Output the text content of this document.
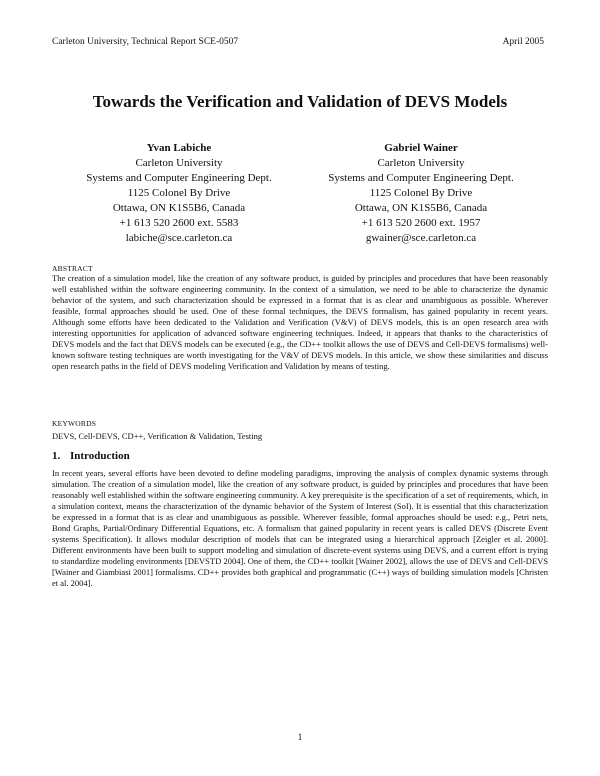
Carleton University, Technical Report SCE-0507	April 2005
Towards the Verification and Validation of DEVS Models
Yvan Labiche
Carleton University
Systems and Computer Engineering Dept.
1125 Colonel By Drive
Ottawa, ON K1S5B6, Canada
+1 613 520 2600 ext. 5583
labiche@sce.carleton.ca
Gabriel Wainer
Carleton University
Systems and Computer Engineering Dept.
1125 Colonel By Drive
Ottawa, ON K1S5B6, Canada
+1 613 520 2600 ext. 1957
gwainer@sce.carleton.ca
ABSTRACT

The creation of a simulation model, like the creation of any software product, is guided by principles and procedures that have been reasonably well established within the software engineering community. In the context of a simulation, we need to be able to characterize the dynamic behavior of the system, and such characterization should be expressed in a format that is as clear and unambiguous as possible. Wherever feasible, formal approaches should be used. One of these formal techniques, the DEVS formalism, has gained popularity in recent years. Although some efforts have been dedicated to the Validation and Verification (V&V) of DEVS models, this is an open research area with interesting opportunities for application of advanced software engineering techniques. Indeed, it appears that thanks to the characteristics of DEVS models and the fact that DEVS models can be executed (e.g., the CD++ toolkit allows the use of DEVS and Cell-DEVS formalisms) well-known software testing techniques are worth investigating for the V&V of DEVS models. In this article, we show these similarities and discuss open research paths in the field of DEVS modeling Verification and Validation by means of testing.

KEYWORDS

DEVS, Cell-DEVS, CD++, Verification & Validation, Testing

1. Introduction

In recent years, several efforts have been devoted to define modeling paradigms, improving the analysis of complex dynamic systems through simulation. The creation of a simulation model, like the creation of any software product, is guided by principles and procedures that have been reasonably well established within the software engineering community. A key prerequisite is the specification of a set of requirements, which, in a simulation context, means the characterization of the dynamic behavior of the System of Interest (SoI). It is essential that this characterization be expressed in a format that is as clear and unambiguous as possible. Wherever feasible, formal approaches should be used: e.g., Petri nets, Bond Graphs, Partial/Ordinary Differential Equations, etc. A formalism that gained popularity in recent years is called DEVS (Discrete Event systems Specification). It allows modular description of models that can be integrated using a hierarchical approach [Zeigler et al. 2000]. Different environments have been built to support modeling and simulation of discrete-event systems using DEVS, and a current effort is trying to standardize modeling environments [DEVSTD 2004]. One of them, the CD++ toolkit [Wainer 2002], allows the use of DEVS and Cell-DEVS [Wainer and Giambiasi 2001] formalisms. CD++ provides both graphical and programmatic (C++) ways of building simulation models [Christen et al. 2004].

1
